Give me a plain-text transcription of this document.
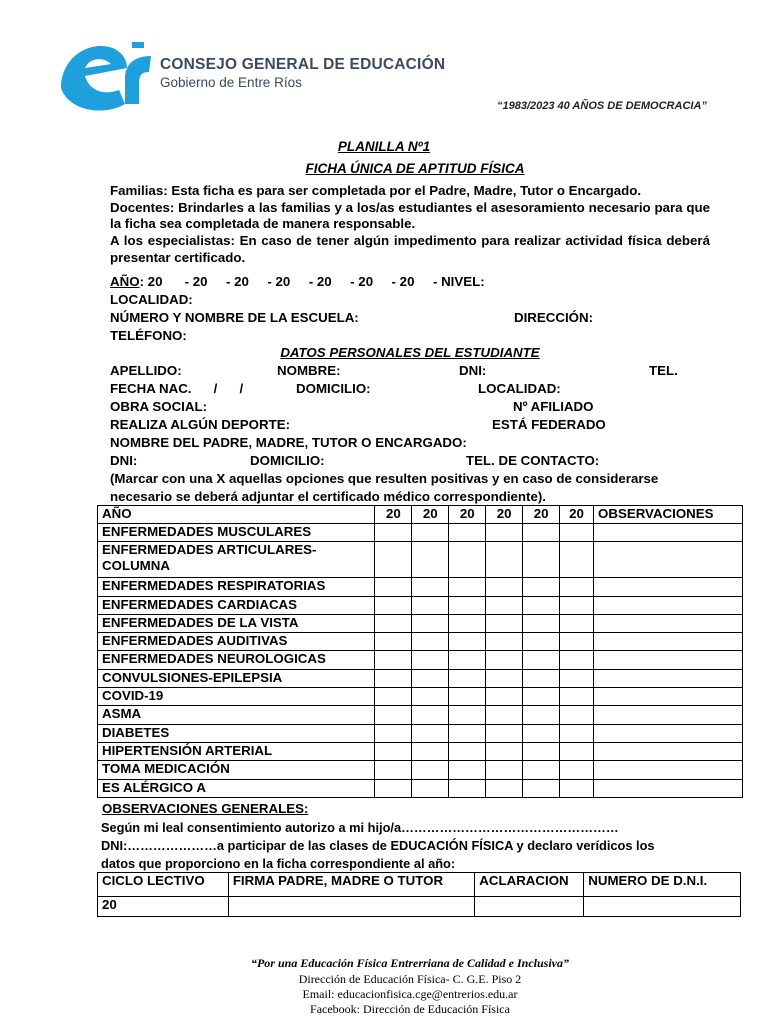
CONSEJO GENERAL DE EDUCACIÓN
Gobierno de Entre Ríos
“1983/2023 40 AÑOS DE DEMOCRACIA”
PLANILLA Nº1
FICHA ÚNICA DE APTITUD FÍSICA

Familias: Esta ficha es para ser completada por el Padre, Madre, Tutor o Encargado.

Docentes: Brindarles a las familias y a los/as estudiantes el asesoramiento necesario para que la ficha sea completada de manera responsable.

A los especialistas: En caso de tener algún impedimento para realizar actividad física deberá presentar certificado.

AÑO: 20      - 20     - 20     - 20     - 20     - 20     - 20     - NIVEL:
LOCALIDAD:
NÚMERO Y NOMBRE DE LA ESCUELA:	DIRECCIÓN:
TELÉFONO:
DATOS PERSONALES DEL ESTUDIANTE
APELLIDO:	NOMBRE:	DNI:	TEL.
FECHA NAC.      /      /	DOMICILIO:	LOCALIDAD:
OBRA SOCIAL:	Nº AFILIADO
REALIZA ALGÚN DEPORTE:	ESTÁ FEDERADO
NOMBRE DEL PADRE, MADRE, TUTOR O ENCARGADO:
DNI:	DOMICILIO:	TEL. DE CONTACTO:
(Marcar con una X aquellas opciones que resulten positivas y en caso de considerarse
necesario se deberá adjuntar el certificado médico correspondiente).
AÑO	20	20	20	20	20	20	OBSERVACIONES
ENFERMEDADES MUSCULARES							
ENFERMEDADES ARTICULARES-COLUMNA							
ENFERMEDADES RESPIRATORIAS							
ENFERMEDADES CARDIACAS							
ENFERMEDADES DE LA VISTA							
ENFERMEDADES AUDITIVAS							
ENFERMEDADES NEUROLOGICAS							
CONVULSIONES-EPILEPSIA							
COVID-19							
ASMA							
DIABETES							
HIPERTENSIÓN ARTERIAL							
TOMA MEDICACIÓN							
ES ALÉRGICO A							
OBSERVACIONES GENERALES:
Según mi leal consentimiento autorizo a mi hijo/a……………………………………………
DNI:…………………a participar de las clases de EDUCACIÓN FÍSICA y declaro verídicos los
datos que proporciono en la ficha correspondiente al año:
CICLO LECTIVO	FIRMA PADRE, MADRE O TUTOR	ACLARACION	NUMERO DE D.N.I.
20			
“Por una Educación Física Entrerriana de Calidad e Inclusiva”
Dirección de Educación Física- C. G.E. Piso 2
Email: educacionfisica.cge@entrerios.edu.ar
Facebook: Dirección de Educación Física
